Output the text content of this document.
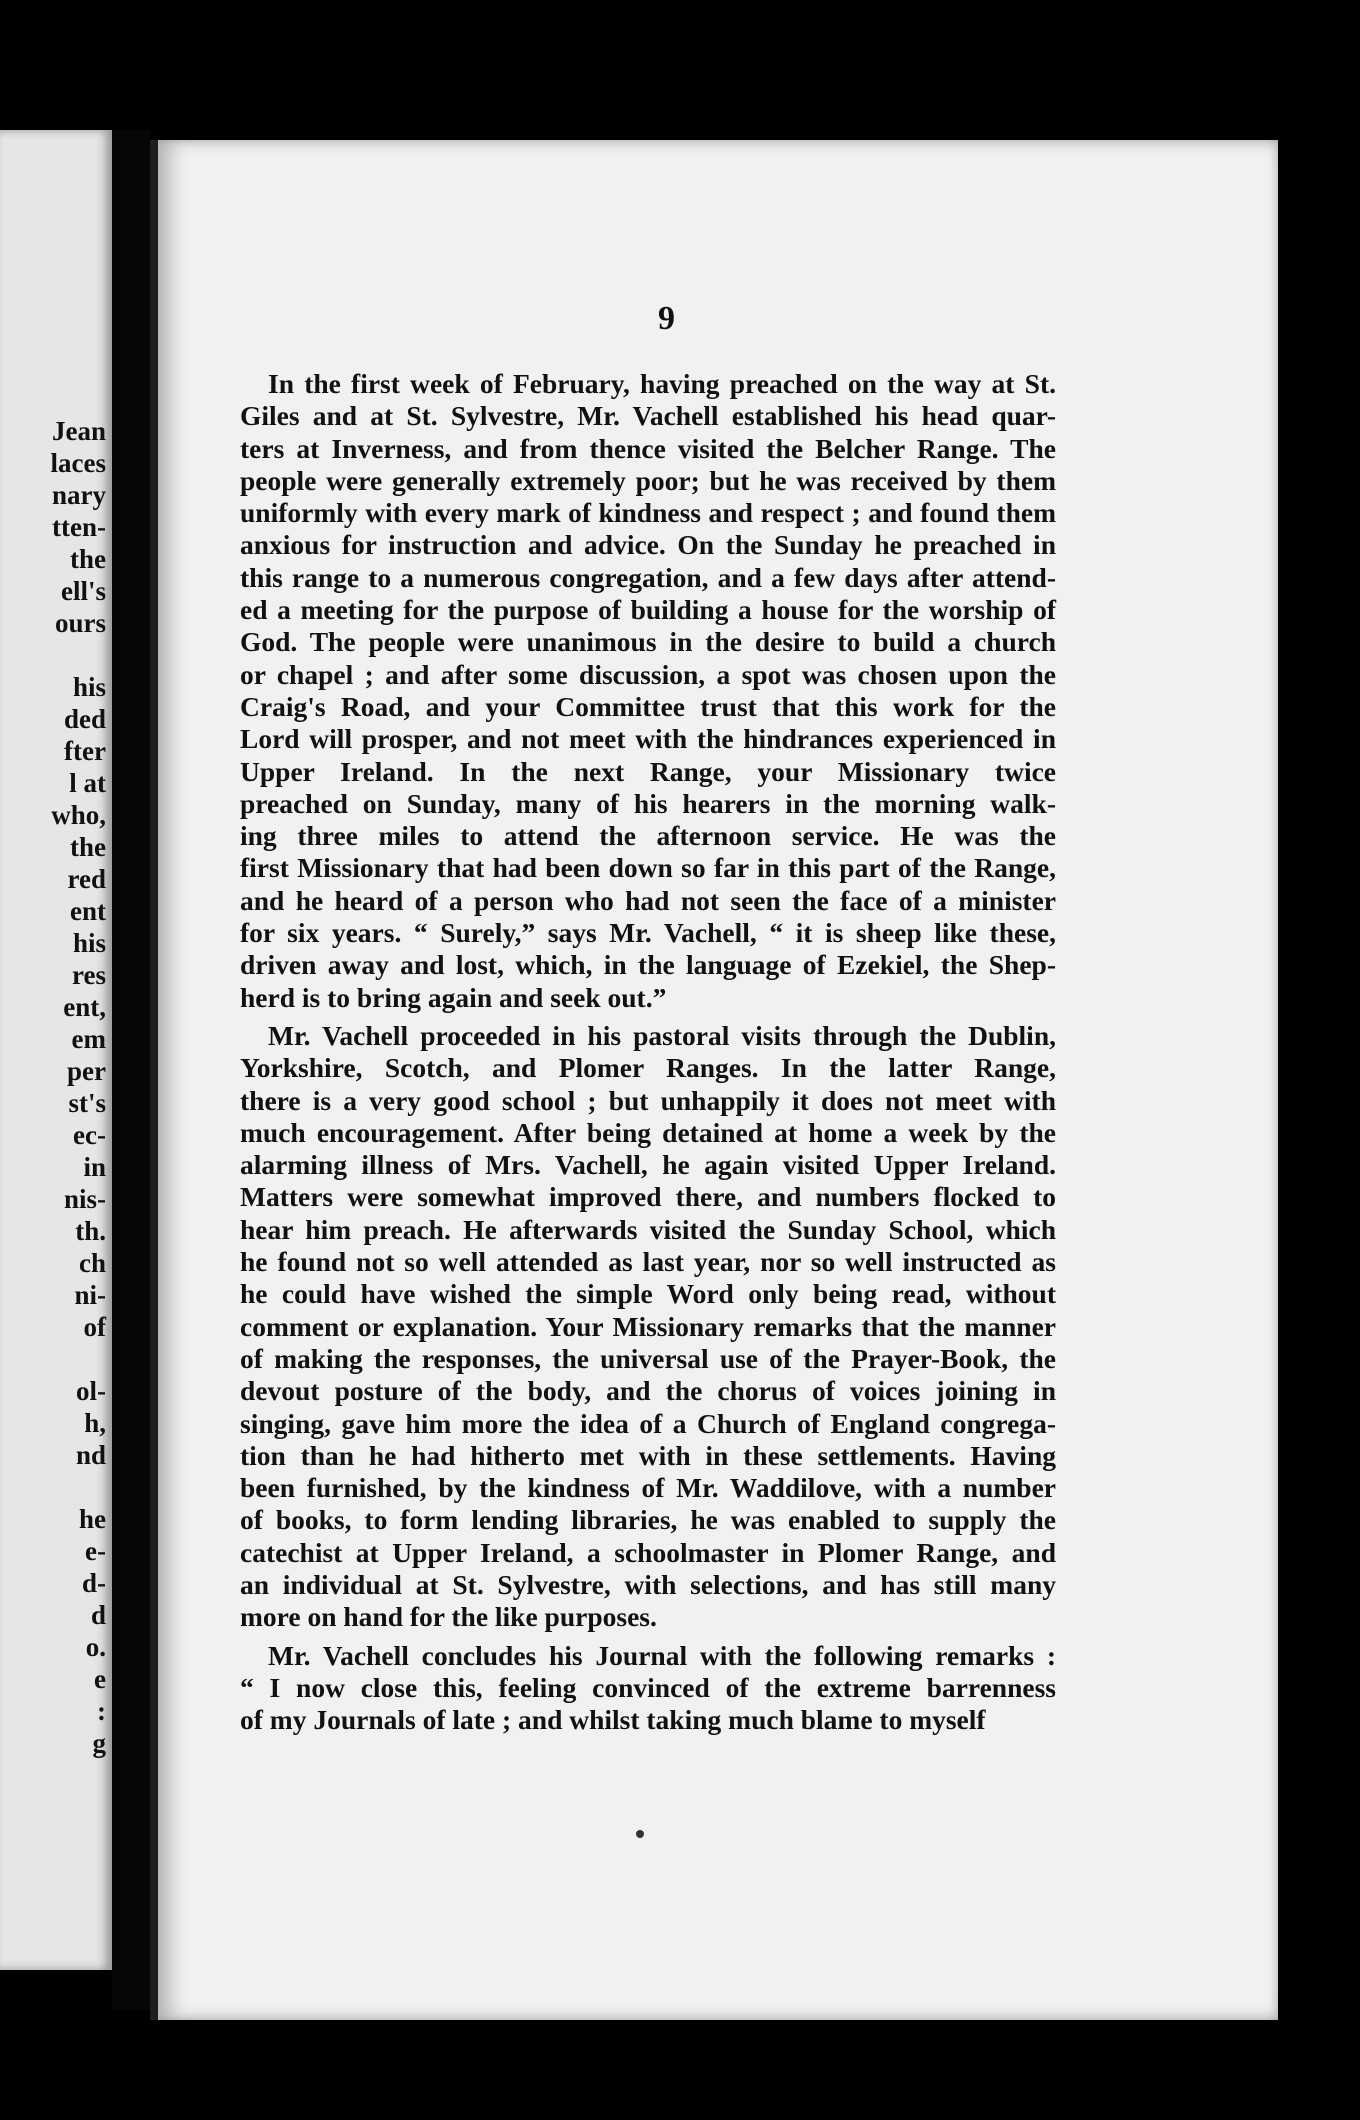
Jean
laces
nary
tten-
the
ell's
ours
his
ded
fter
l at
who,
the
red
ent
his
res
ent,
em
per
st's
ec-
in
nis-
th.
ch
ni-
of
ol-
h,
nd
he
e-
d-
d
o.
e
:
g
9
In the first week of February, having preached on the way at St.
Giles and at St. Sylvestre, Mr. Vachell established his head quar-
ters at Inverness, and from thence visited the Belcher Range. The
people were generally extremely poor; but he was received by them
uniformly with every mark of kindness and respect ; and found them
anxious for instruction and advice. On the Sunday he preached in
this range to a numerous congregation, and a few days after attend-
ed a meeting for the purpose of building a house for the worship of
God. The people were unanimous in the desire to build a church
or chapel ; and after some discussion, a spot was chosen upon the
Craig's Road, and your Committee trust that this work for the
Lord will prosper, and not meet with the hindrances experienced in
Upper Ireland. In the next Range, your Missionary twice
preached on Sunday, many of his hearers in the morning walk-
ing three miles to attend the afternoon service. He was the
first Missionary that had been down so far in this part of the Range,
and he heard of a person who had not seen the face of a minister
for six years. “ Surely,” says Mr. Vachell, “ it is sheep like these,
driven away and lost, which, in the language of Ezekiel, the Shep-
herd is to bring again and seek out.”
Mr. Vachell proceeded in his pastoral visits through the Dublin,
Yorkshire, Scotch, and Plomer Ranges. In the latter Range,
there is a very good school ; but unhappily it does not meet with
much encouragement. After being detained at home a week by the
alarming illness of Mrs. Vachell, he again visited Upper Ireland.
Matters were somewhat improved there, and numbers flocked to
hear him preach. He afterwards visited the Sunday School, which
he found not so well attended as last year, nor so well instructed as
he could have wished the simple Word only being read, without
comment or explanation. Your Missionary remarks that the manner
of making the responses, the universal use of the Prayer-Book, the
devout posture of the body, and the chorus of voices joining in
singing, gave him more the idea of a Church of England congrega-
tion than he had hitherto met with in these settlements. Having
been furnished, by the kindness of Mr. Waddilove, with a number
of books, to form lending libraries, he was enabled to supply the
catechist at Upper Ireland, a schoolmaster in Plomer Range, and
an individual at St. Sylvestre, with selections, and has still many
more on hand for the like purposes.
Mr. Vachell concludes his Journal with the following remarks :
“ I now close this, feeling convinced of the extreme barrenness
of my Journals of late ; and whilst taking much blame to myself
